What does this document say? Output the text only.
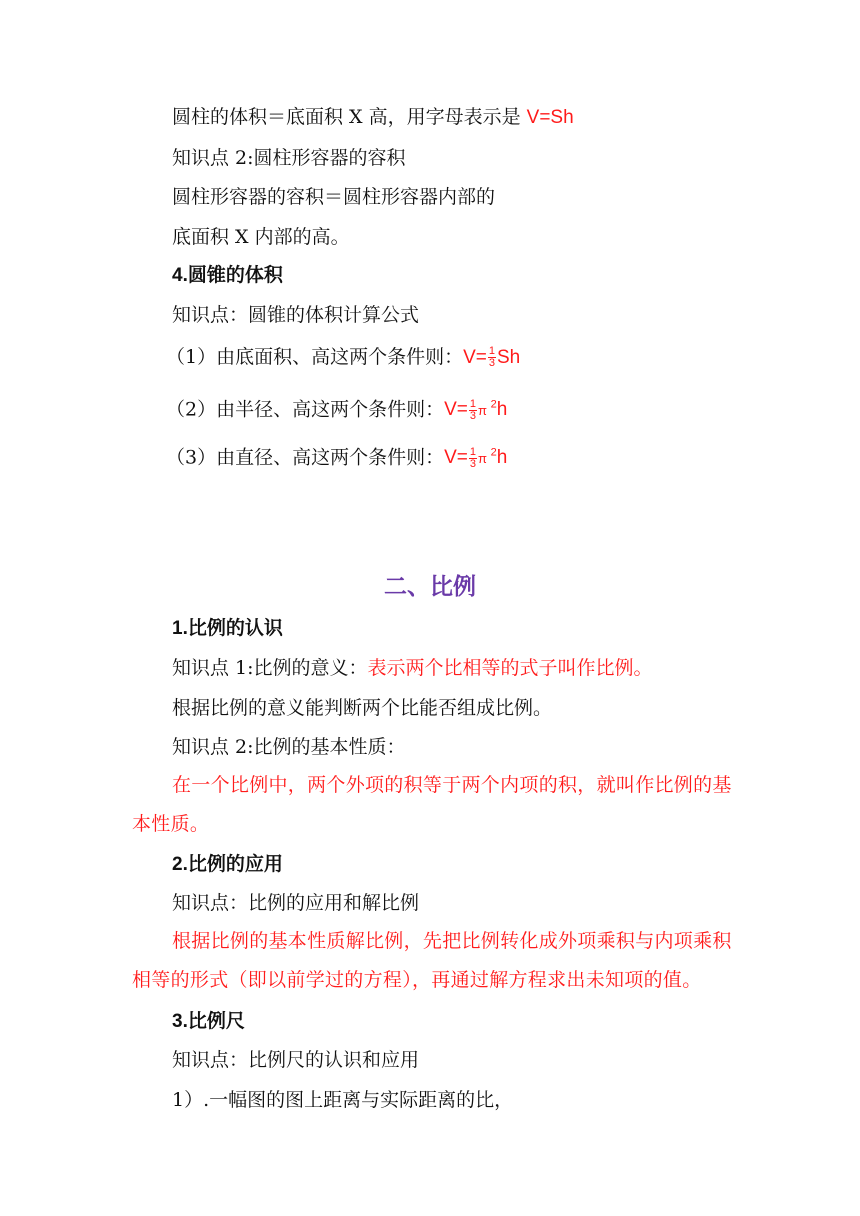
圆柱的体积＝底面积 X 高，用字母表示是 V=Sh
知识点 2:圆柱形容器的容积
圆柱形容器的容积＝圆柱形容器内部的
底面积 X 内部的高。
4.圆锥的体积
知识点：圆锥的体积计算公式
（1）由底面积、高这两个条件则：$V= \frac{1}{3}$ Sh
（2）由半径、高这两个条件则：$V= \frac{1}{3}$ π $^2$h
（3）由直径、高这两个条件则：$V= \frac{1}{3}$ π $^2$h
二、比例
1.比例的认识
知识点 1:比例的意义：表示两个比相等的式子叫作比例。
根据比例的意义能判断两个比能否组成比例。
知识点 2:比例的基本性质：
在一个比例中，两个外项的积等于两个内项的积，就叫作比例的基本性质。
2.比例的应用
知识点：比例的应用和解比例
根据比例的基本性质解比例，先把比例转化成外项乘积与内项乘积相等的形式（即以前学过的方程），再通过解方程求出未知项的值。
3.比例尺
知识点：比例尺的认识和应用
1）.一幅图的图上距离与实际距离的比，
